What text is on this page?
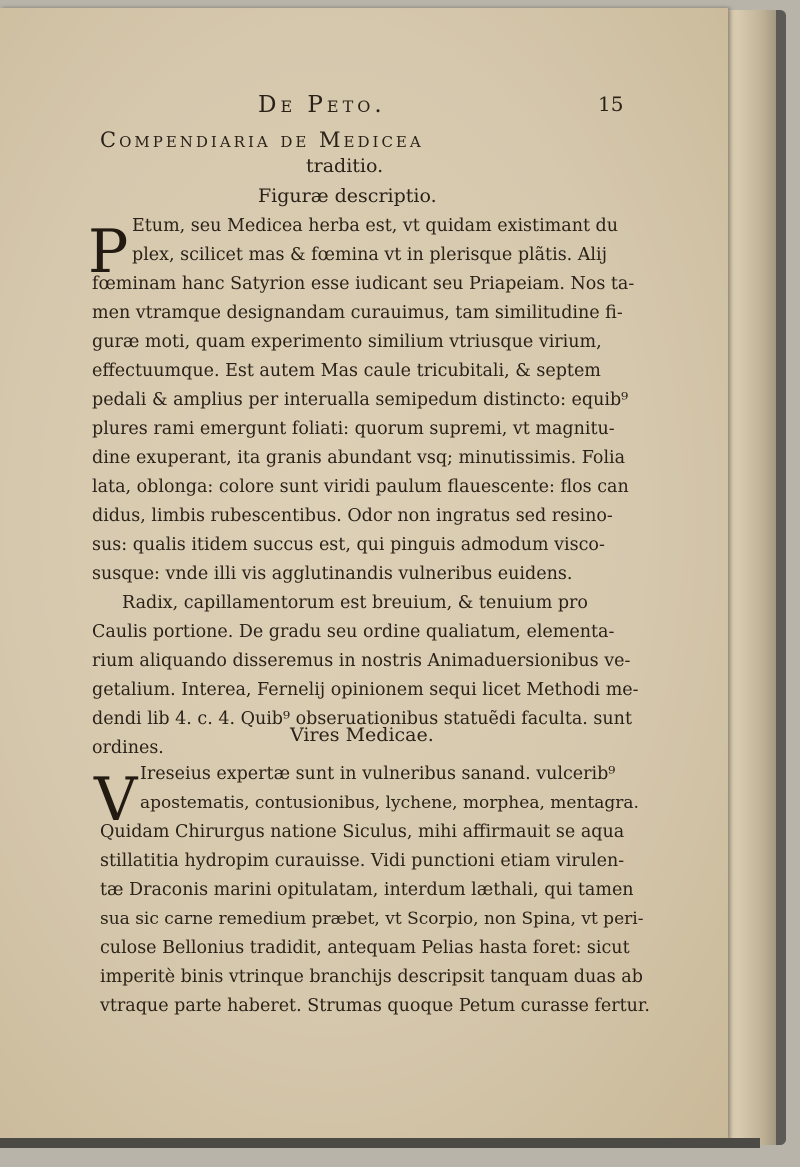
De Peto.	15
Compendiaria de Medicea
traditio.
Figuræ descriptio.
P Etum, seu Medicea herba est, vt quidam existimant du
plex, scilicet mas & fœmina vt in plerisque plãtis. Alij
fœminam hanc Satyrion esse iudicant seu Priapeiam. Nos ta-
men vtramque designandam curauimus, tam similitudine fi-
guræ moti, quam experimento similium vtriusque virium,
effectuumque. Est autem Mas caule tricubitali, & septem
pedali & amplius per interualla semipedum distincto: equib⁹
plures rami emergunt foliati: quorum supremi, vt magnitu-
dine exuperant, ita granis abundant vsq; minutissimis. Folia
lata, oblonga: colore sunt viridi paulum flauescente: flos can
didus, limbis rubescentibus. Odor non ingratus sed resino-
sus: qualis itidem succus est, qui pinguis admodum visco-
susque: vnde illi vis agglutinandis vulneribus euidens.
Radix, capillamentorum est breuium, & tenuium pro
Caulis portione. De gradu seu ordine qualiatum, elementa-
rium aliquando disseremus in nostris Animaduersionibus ve-
getalium. Interea, Fernelij opinionem sequi licet Methodi me-
dendi lib 4. c. 4. Quib⁹ obseruationibus statuẽdi faculta. sunt
ordines.
Vires Medicae.
V Ireseius expertæ sunt in vulneribus sanand. vulcerib⁹
apostematis, contusionibus, lychene, morphea, mentagra.
Quidam Chirurgus natione Siculus, mihi affirmauit se aqua
stillatitia hydropim curauisse. Vidi punctioni etiam virulen-
tæ Draconis marini opitulatam, interdum læthali, qui tamen
sua sic carne remedium præbet, vt Scorpio, non Spina, vt peri-
culose Bellonius tradidit, antequam Pelias hasta foret: sicut
imperitè binis vtrinque branchijs descripsit tanquam duas ab
vtraque parte haberet. Strumas quoque Petum curasse fertur.
